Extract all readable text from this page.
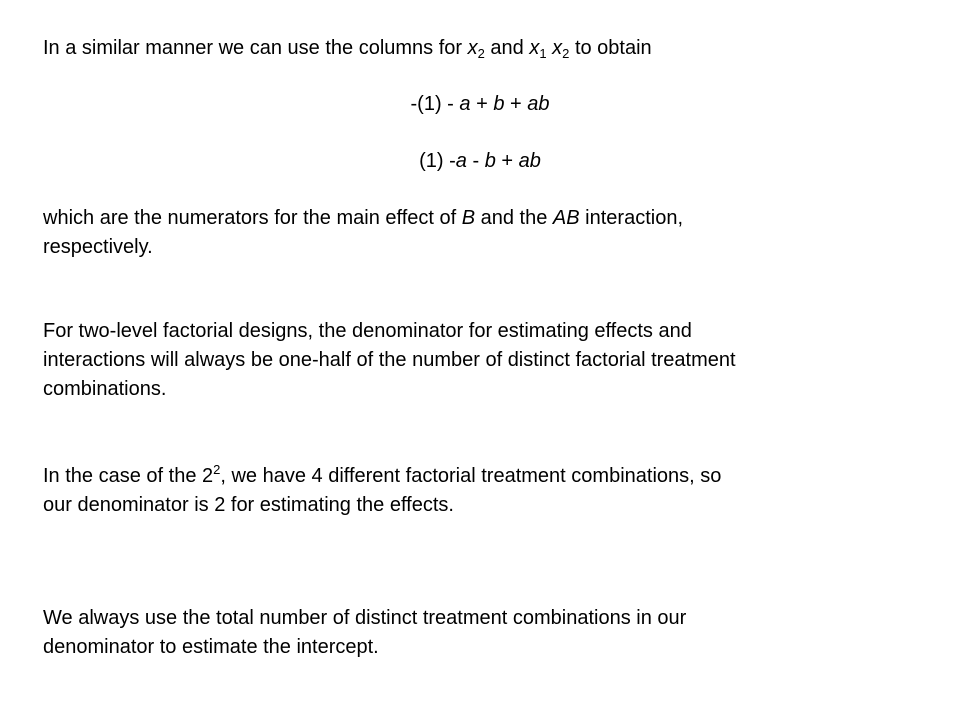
In a similar manner we can use the columns for $x_2$ and $x_1$ $x_2$ to obtain

-(1) - a + b + ab

(1) -a - b + ab

which are the numerators for the main effect of B and the AB interaction,
respectively.

For two-level factorial designs, the denominator for estimating effects and
interactions will always be one-half of the number of distinct factorial treatment
combinations.

In the case of the $2^2$, we have 4 different factorial treatment combinations, so
our denominator is 2 for estimating the effects.

We always use the total number of distinct treatment combinations in our
denominator to estimate the intercept.
